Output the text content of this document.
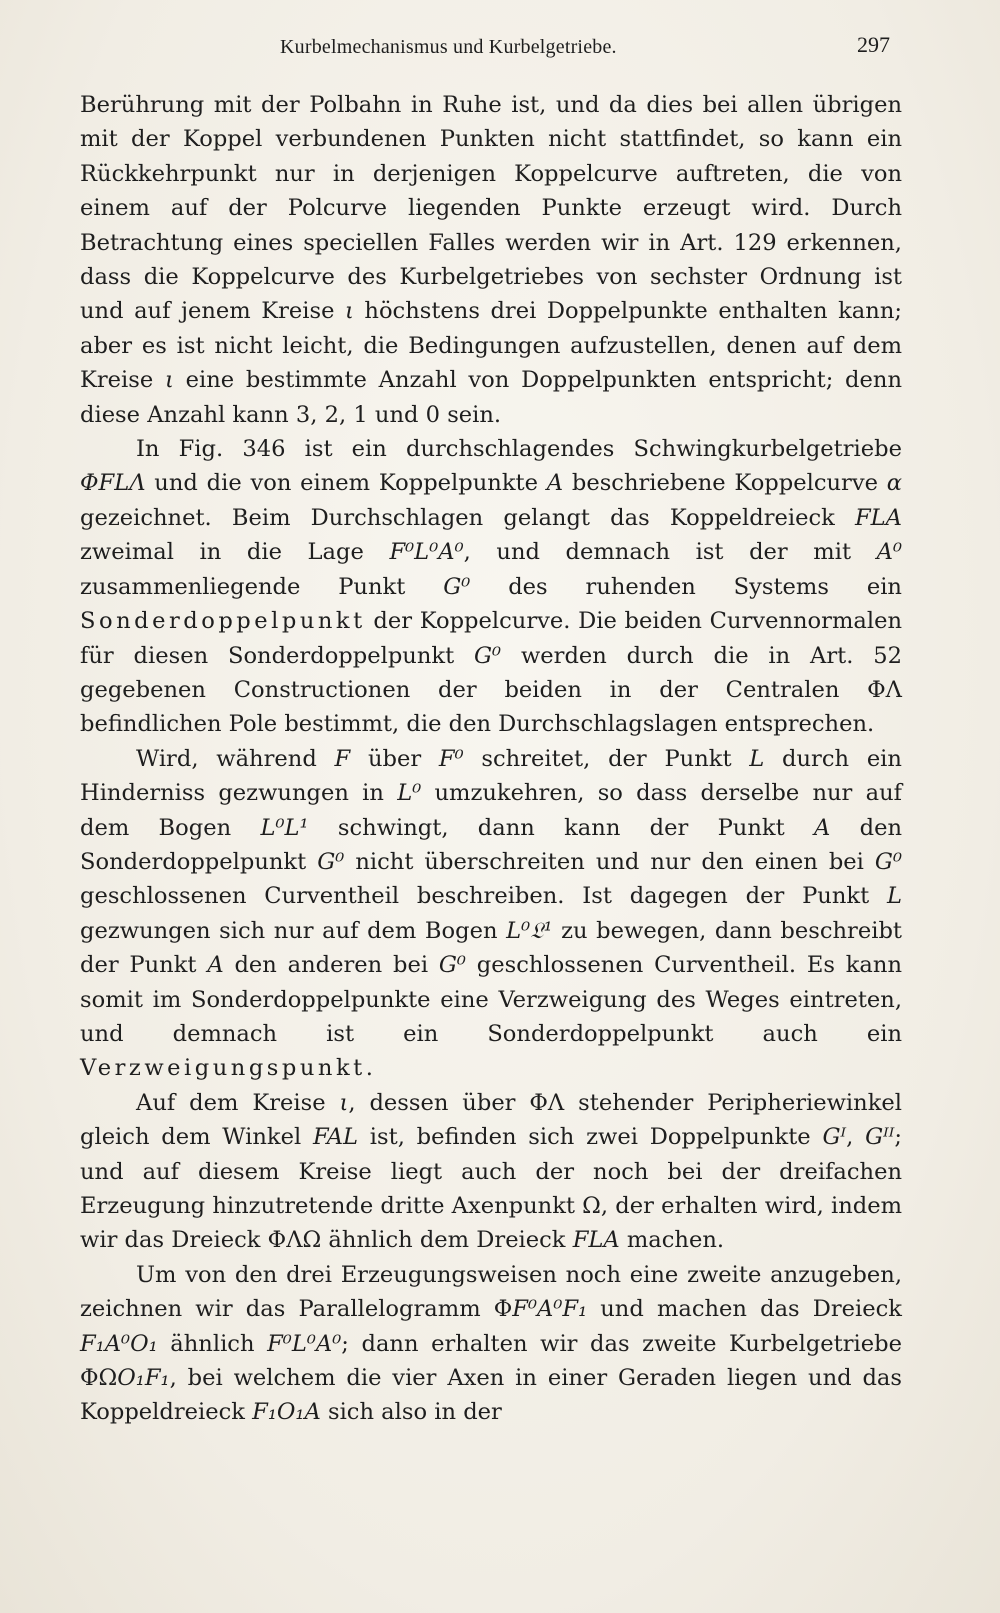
Kurbelmechanismus und Kurbelgetriebe.	297

Berührung mit der Polbahn in Ruhe ist, und da dies bei allen übrigen mit der Koppel verbundenen Punkten nicht stattfindet, so kann ein Rückkehrpunkt nur in derjenigen Koppelcurve auftreten, die von einem auf der Polcurve liegenden Punkte erzeugt wird. Durch Betrachtung eines speciellen Falles werden wir in Art. 129 erkennen, dass die Koppelcurve des Kurbelgetriebes von sechster Ordnung ist und auf jenem Kreise ι höchstens drei Doppelpunkte enthalten kann; aber es ist nicht leicht, die Bedingungen aufzustellen, denen auf dem Kreise ι eine bestimmte Anzahl von Doppelpunkten entspricht; denn diese Anzahl kann 3, 2, 1 und 0 sein.

In Fig. 346 ist ein durchschlagendes Schwingkurbelgetriebe ΦFLΛ und die von einem Koppelpunkte A beschriebene Koppelcurve α gezeichnet. Beim Durchschlagen gelangt das Koppeldreieck FLA zweimal in die Lage F⁰L⁰A⁰, und demnach ist der mit A⁰ zusammenliegende Punkt G⁰ des ruhenden Systems ein Sonderdoppelpunkt der Koppelcurve. Die beiden Curvennormalen für diesen Sonderdoppelpunkt G⁰ werden durch die in Art. 52 gegebenen Constructionen der beiden in der Centralen ΦΛ befindlichen Pole bestimmt, die den Durchschlagslagen entsprechen.

Wird, während F über F⁰ schreitet, der Punkt L durch ein Hinderniss gezwungen in L⁰ umzukehren, so dass derselbe nur auf dem Bogen L⁰L¹ schwingt, dann kann der Punkt A den Sonderdoppelpunkt G⁰ nicht überschreiten und nur den einen bei G⁰ geschlossenen Curventheil beschreiben. Ist dagegen der Punkt L gezwungen sich nur auf dem Bogen L⁰𝔏¹ zu bewegen, dann beschreibt der Punkt A den anderen bei G⁰ geschlossenen Curventheil. Es kann somit im Sonderdoppelpunkte eine Verzweigung des Weges eintreten, und demnach ist ein Sonderdoppelpunkt auch ein Verzweigungspunkt.

Auf dem Kreise ι, dessen über ΦΛ stehender Peripheriewinkel gleich dem Winkel FAL ist, befinden sich zwei Doppelpunkte Gᴵ, Gᴵᴵ; und auf diesem Kreise liegt auch der noch bei der dreifachen Erzeugung hinzutretende dritte Axenpunkt Ω, der erhalten wird, indem wir das Dreieck ΦΛΩ ähnlich dem Dreieck FLA machen.

Um von den drei Erzeugungsweisen noch eine zweite anzugeben, zeichnen wir das Parallelogramm ΦF⁰A⁰F₁ und machen das Dreieck F₁A⁰O₁ ähnlich F⁰L⁰A⁰; dann erhalten wir das zweite Kurbelgetriebe ΦΩO₁F₁, bei welchem die vier Axen in einer Geraden liegen und das Koppeldreieck F₁O₁A sich also in der
